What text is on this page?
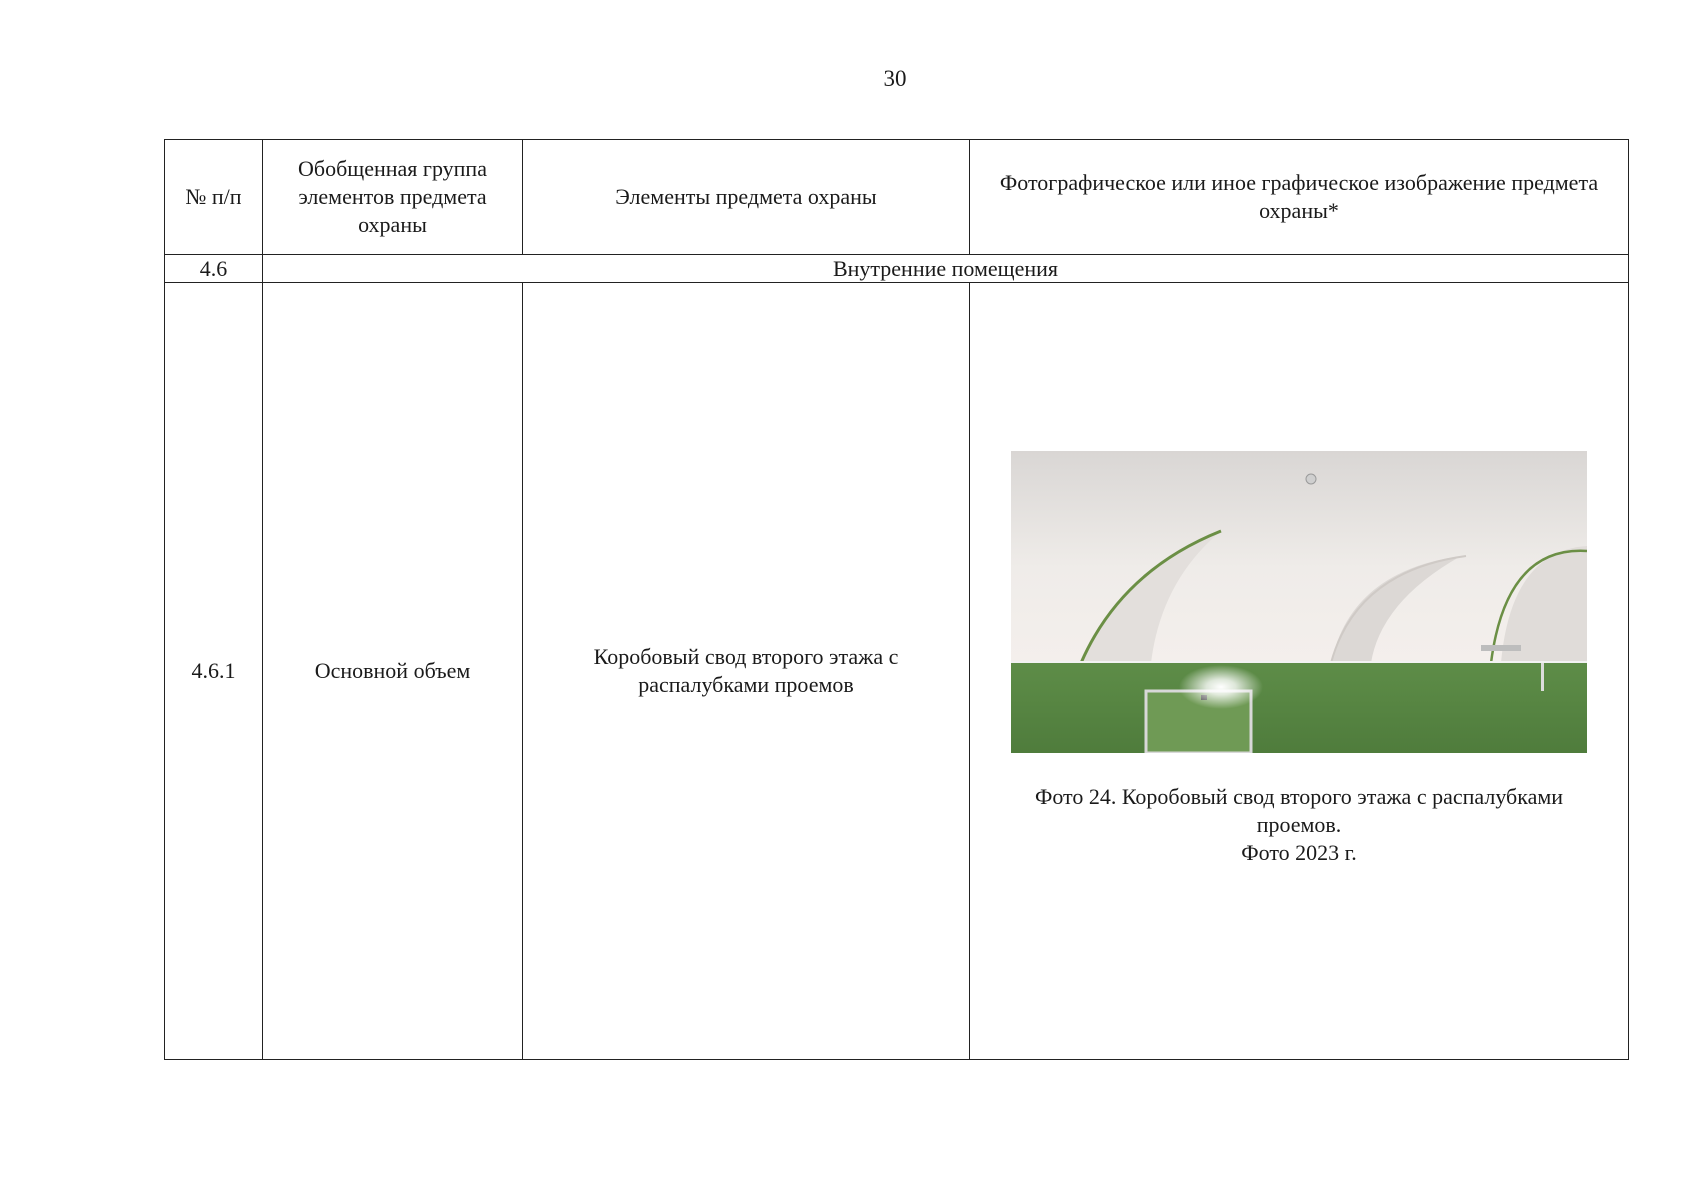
30
№ п/п	Обобщенная группа элементов предмета охраны	Элементы предмета охраны	Фотографическое или иное графическое изображение предмета охраны*
4.6	Внутренние помещения		
4.6.1	Основной объем	Коробовый свод второго этажа с распалубками проемов	Фото 24. Коробовый свод второго этажа с распалубками
проемов.
Фото 2023 г.
